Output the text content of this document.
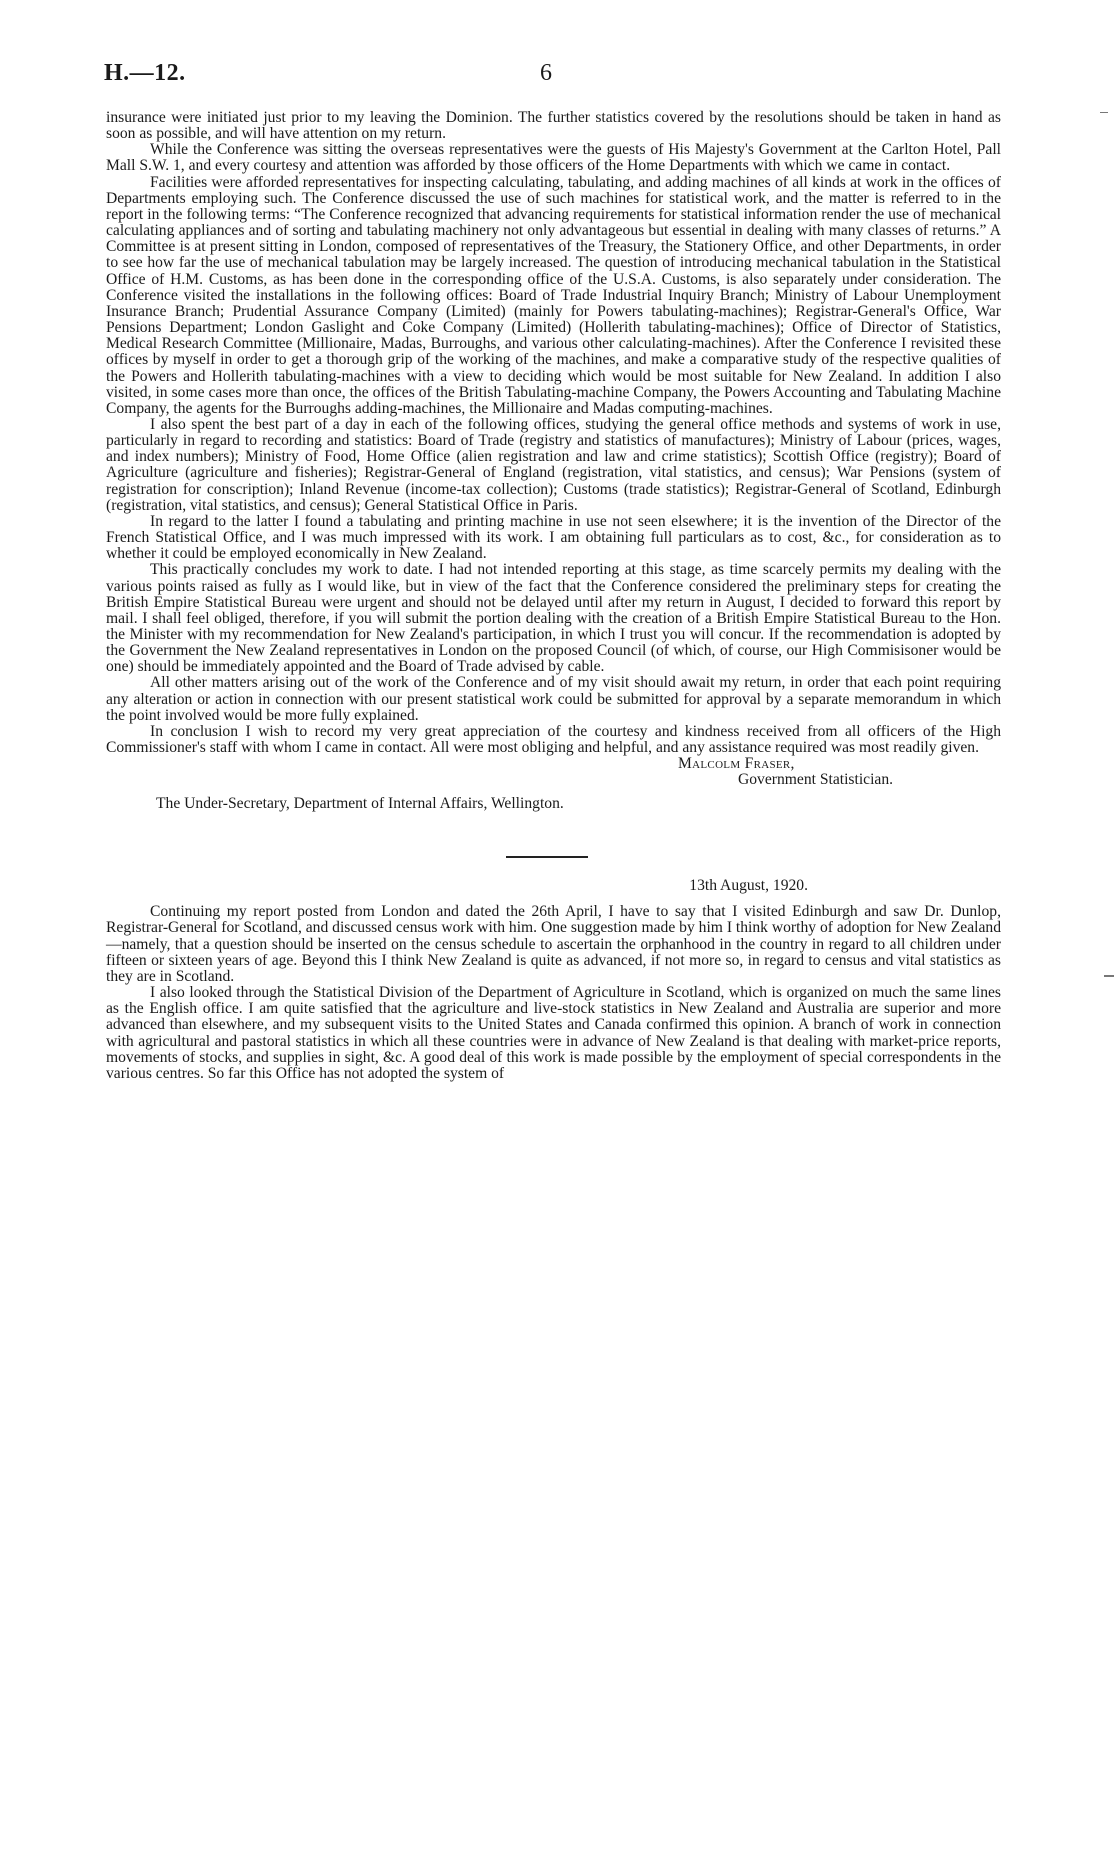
H.—12.	6

insurance were initiated just prior to my leaving the Dominion. The further statistics covered by the resolutions should be taken in hand as soon as possible, and will have attention on my return.

While the Conference was sitting the overseas representatives were the guests of His Majesty's Government at the Carlton Hotel, Pall Mall S.W. 1, and every courtesy and attention was afforded by those officers of the Home Departments with which we came in contact.

Facilities were afforded representatives for inspecting calculating, tabulating, and adding machines of all kinds at work in the offices of Departments employing such. The Conference discussed the use of such machines for statistical work, and the matter is referred to in the report in the following terms: “The Conference recognized that advancing requirements for statistical information render the use of mechanical calculating appliances and of sorting and tabulating machinery not only advantageous but essential in dealing with many classes of returns.” A Committee is at present sitting in London, composed of representatives of the Treasury, the Stationery Office, and other Departments, in order to see how far the use of mechanical tabulation may be largely increased. The question of introducing mechanical tabulation in the Statistical Office of H.M. Customs, as has been done in the corresponding office of the U.S.A. Customs, is also separately under consideration. The Conference visited the installations in the following offices: Board of Trade Industrial Inquiry Branch; Ministry of Labour Unemployment Insurance Branch; Prudential Assurance Company (Limited) (mainly for Powers tabulating-machines); Registrar-General's Office, War Pensions Department; London Gaslight and Coke Company (Limited) (Hollerith tabulating-machines); Office of Director of Statistics, Medical Research Committee (Millionaire, Madas, Burroughs, and various other calculating-machines). After the Conference I revisited these offices by myself in order to get a thorough grip of the working of the machines, and make a comparative study of the respective qualities of the Powers and Hollerith tabulating-machines with a view to deciding which would be most suitable for New Zealand. In addition I also visited, in some cases more than once, the offices of the British Tabulating-machine Company, the Powers Accounting and Tabulating Machine Company, the agents for the Burroughs adding-machines, the Millionaire and Madas computing-machines.

I also spent the best part of a day in each of the following offices, studying the general office methods and systems of work in use, particularly in regard to recording and statistics: Board of Trade (registry and statistics of manufactures); Ministry of Labour (prices, wages, and index numbers); Ministry of Food, Home Office (alien registration and law and crime statistics); Scottish Office (registry); Board of Agriculture (agriculture and fisheries); Registrar-General of England (registration, vital statistics, and census); War Pensions (system of registration for conscription); Inland Revenue (income-tax collection); Customs (trade statistics); Registrar-General of Scotland, Edinburgh (registration, vital statistics, and census); General Statistical Office in Paris.

In regard to the latter I found a tabulating and printing machine in use not seen elsewhere; it is the invention of the Director of the French Statistical Office, and I was much impressed with its work. I am obtaining full particulars as to cost, &c., for consideration as to whether it could be employed economically in New Zealand.

This practically concludes my work to date. I had not intended reporting at this stage, as time scarcely permits my dealing with the various points raised as fully as I would like, but in view of the fact that the Conference considered the preliminary steps for creating the British Empire Statistical Bureau were urgent and should not be delayed until after my return in August, I decided to forward this report by mail. I shall feel obliged, therefore, if you will submit the portion dealing with the creation of a British Empire Statistical Bureau to the Hon. the Minister with my recommendation for New Zealand's participation, in which I trust you will concur. If the recommendation is adopted by the Government the New Zealand representatives in London on the proposed Council (of which, of course, our High Commisisoner would be one) should be immediately appointed and the Board of Trade advised by cable.

All other matters arising out of the work of the Conference and of my visit should await my return, in order that each point requiring any alteration or action in connection with our present statistical work could be submitted for approval by a separate memorandum in which the point involved would be more fully explained.

In conclusion I wish to record my very great appreciation of the courtesy and kindness received from all officers of the High Commissioner's staff with whom I came in contact. All were most obliging and helpful, and any assistance required was most readily given.

Malcolm Fraser,
Government Statistician.
The Under-Secretary, Department of Internal Affairs, Wellington.
13th August, 1920.

Continuing my report posted from London and dated the 26th April, I have to say that I visited Edinburgh and saw Dr. Dunlop, Registrar-General for Scotland, and discussed census work with him. One suggestion made by him I think worthy of adoption for New Zealand—namely, that a question should be inserted on the census schedule to ascertain the orphanhood in the country in regard to all children under fifteen or sixteen years of age. Beyond this I think New Zealand is quite as advanced, if not more so, in regard to census and vital statistics as they are in Scotland.

I also looked through the Statistical Division of the Department of Agriculture in Scotland, which is organized on much the same lines as the English office. I am quite satisfied that the agriculture and live-stock statistics in New Zealand and Australia are superior and more advanced than elsewhere, and my subsequent visits to the United States and Canada confirmed this opinion. A branch of work in connection with agricultural and pastoral statistics in which all these countries were in advance of New Zealand is that dealing with market-price reports, movements of stocks, and supplies in sight, &c. A good deal of this work is made possible by the employment of special correspondents in the various centres. So far this Office has not adopted the system of
